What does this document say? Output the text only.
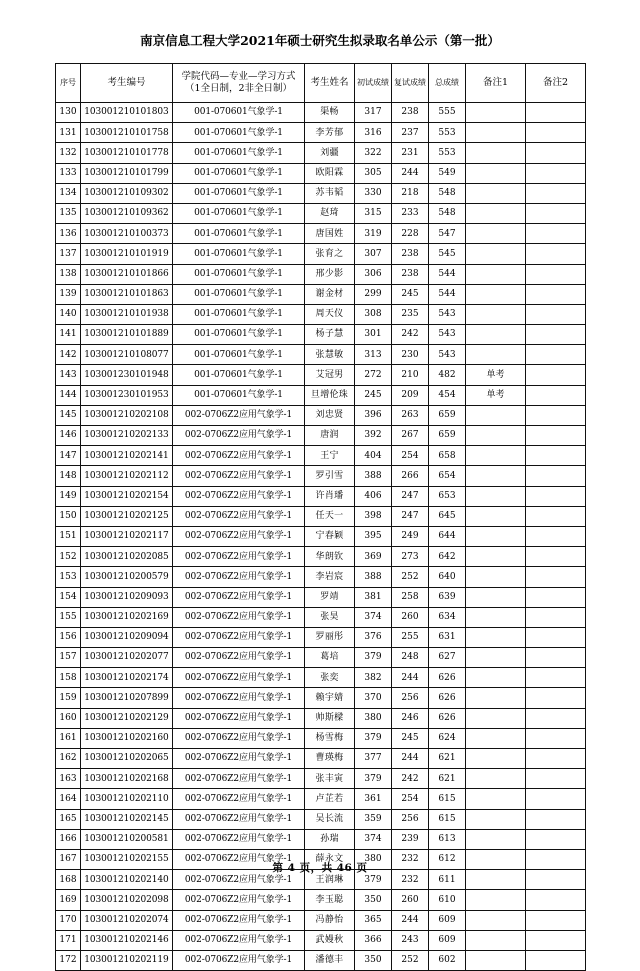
南京信息工程大学2021年硕士研究生拟录取名单公示（第一批）
序号	考生编号	学院代码—专业—学习方式
（1全日制，2非全日制）	考生姓名	初试成绩	复试成绩	总成绩	备注1	备注2
130	103001210101803	001-070601气象学-1	渠畅	317	238	555		
131	103001210101758	001-070601气象学-1	李芳郁	316	237	553		
132	103001210101778	001-070601气象学-1	刘疆	322	231	553		
133	103001210101799	001-070601气象学-1	欧阳霖	305	244	549		
134	103001210109302	001-070601气象学-1	苏韦韬	330	218	548		
135	103001210109362	001-070601气象学-1	赵琦	315	233	548		
136	103001210100373	001-070601气象学-1	唐国姓	319	228	547		
137	103001210101919	001-070601气象学-1	张育之	307	238	545		
138	103001210101866	001-070601气象学-1	邢少影	306	238	544		
139	103001210101863	001-070601气象学-1	谢金材	299	245	544		
140	103001210101938	001-070601气象学-1	周天仪	308	235	543		
141	103001210101889	001-070601气象学-1	杨子慧	301	242	543		
142	103001210108077	001-070601气象学-1	张慧敏	313	230	543		
143	103001230101948	001-070601气象学-1	艾冠男	272	210	482	单考	
144	103001230101953	001-070601气象学-1	旦增伦珠	245	209	454	单考	
145	103001210202108	002-0706Z2应用气象学-1	刘忠贤	396	263	659		
146	103001210202133	002-0706Z2应用气象学-1	唐润	392	267	659		
147	103001210202141	002-0706Z2应用气象学-1	王宁	404	254	658		
148	103001210202112	002-0706Z2应用气象学-1	罗引雪	388	266	654		
149	103001210202154	002-0706Z2应用气象学-1	许肖璠	406	247	653		
150	103001210202125	002-0706Z2应用气象学-1	任天一	398	247	645		
151	103001210202117	002-0706Z2应用气象学-1	宁春颖	395	249	644		
152	103001210202085	002-0706Z2应用气象学-1	华朗钦	369	273	642		
153	103001210200579	002-0706Z2应用气象学-1	李岩宸	388	252	640		
154	103001210209093	002-0706Z2应用气象学-1	罗靖	381	258	639		
155	103001210202169	002-0706Z2应用气象学-1	张昊	374	260	634		
156	103001210209094	002-0706Z2应用气象学-1	罗丽彤	376	255	631		
157	103001210202077	002-0706Z2应用气象学-1	葛培	379	248	627		
158	103001210202174	002-0706Z2应用气象学-1	张奕	382	244	626		
159	103001210207899	002-0706Z2应用气象学-1	赖宇婧	370	256	626		
160	103001210202129	002-0706Z2应用气象学-1	帅斯樑	380	246	626		
161	103001210202160	002-0706Z2应用气象学-1	杨雪梅	379	245	624		
162	103001210202065	002-0706Z2应用气象学-1	曹瑛梅	377	244	621		
163	103001210202168	002-0706Z2应用气象学-1	张丰寅	379	242	621		
164	103001210202110	002-0706Z2应用气象学-1	卢芷若	361	254	615		
165	103001210202145	002-0706Z2应用气象学-1	吴长流	359	256	615		
166	103001210200581	002-0706Z2应用气象学-1	孙瑞	374	239	613		
167	103001210202155	002-0706Z2应用气象学-1	薛永文	380	232	612		
168	103001210202140	002-0706Z2应用气象学-1	王润琳	379	232	611		
169	103001210202098	002-0706Z2应用气象学-1	李玉聪	350	260	610		
170	103001210202074	002-0706Z2应用气象学-1	冯静怡	365	244	609		
171	103001210202146	002-0706Z2应用气象学-1	武嫚秋	366	243	609		
172	103001210202119	002-0706Z2应用气象学-1	潘德丰	350	252	602		
第 4 页，共 46 页
